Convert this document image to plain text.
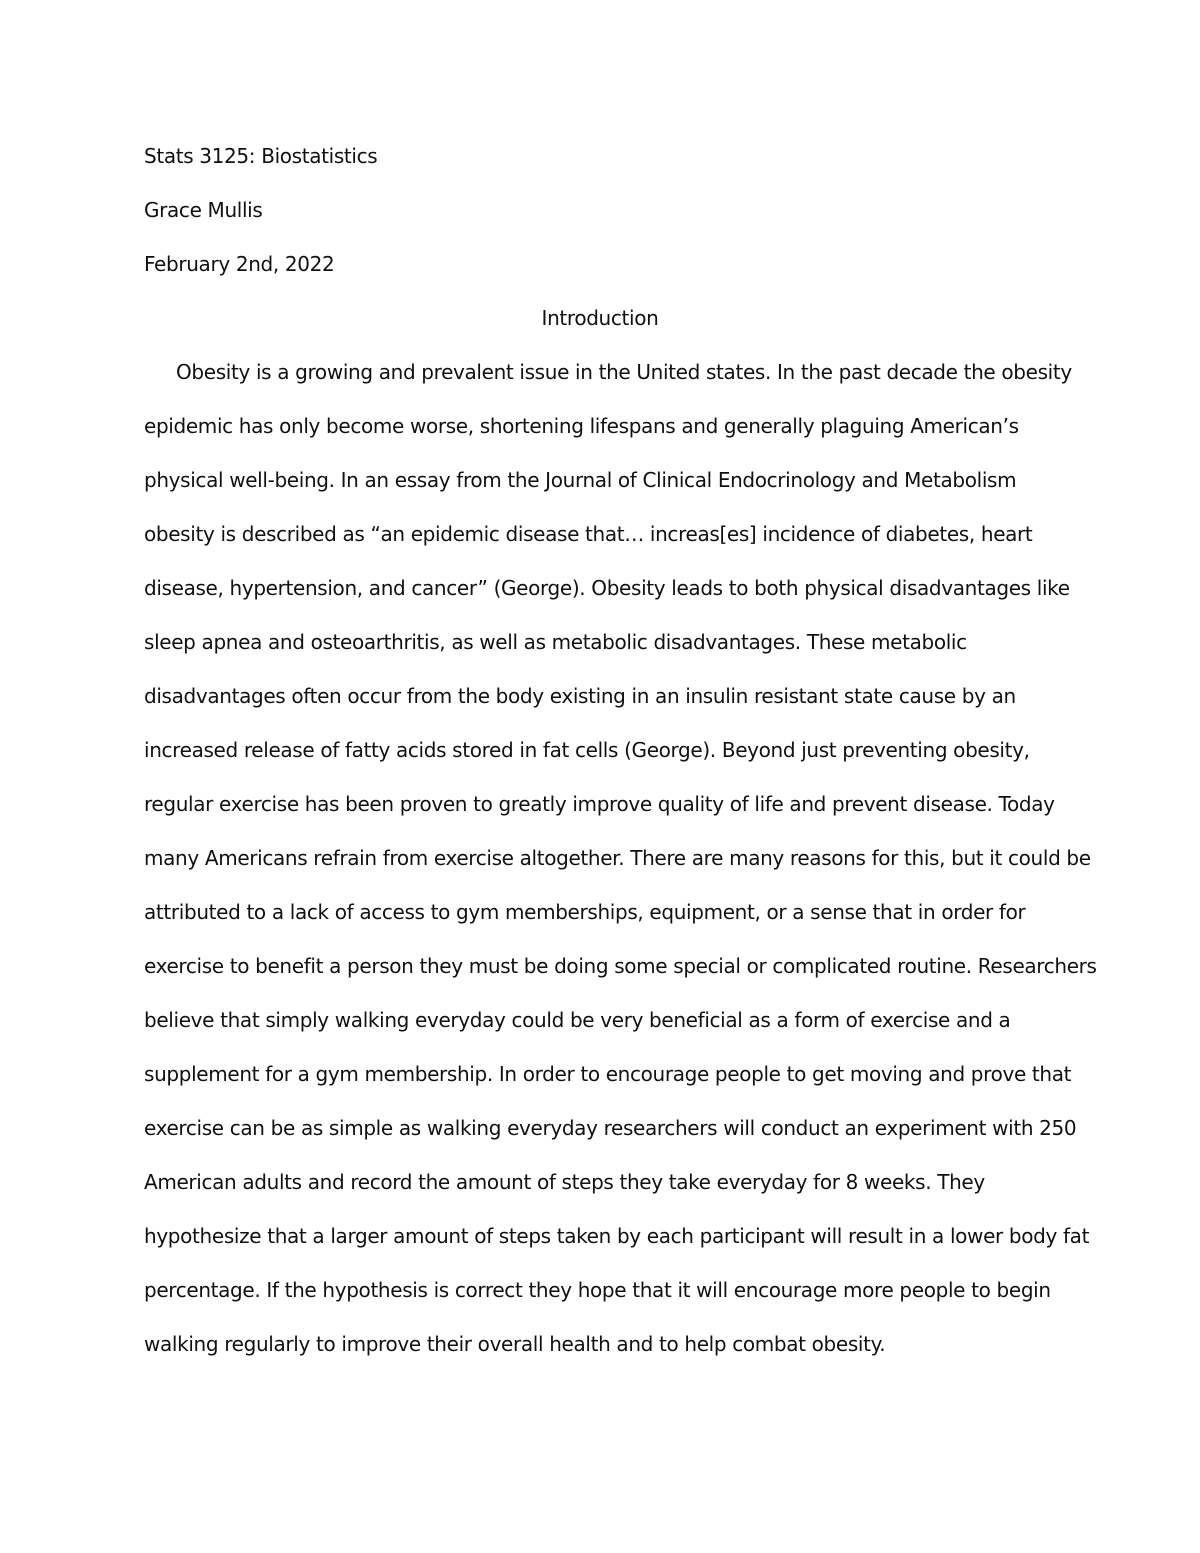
Stats 3125: Biostatistics
Grace Mullis
February 2nd, 2022
Introduction
Obesity is a growing and prevalent issue in the United states. In the past decade the obesity
epidemic has only become worse, shortening lifespans and generally plaguing American’s
physical well-being. In an essay from the Journal of Clinical Endocrinology and Metabolism
obesity is described as “an epidemic disease that… increas[es] incidence of diabetes, heart
disease, hypertension, and cancer” (George). Obesity leads to both physical disadvantages like
sleep apnea and osteoarthritis, as well as metabolic disadvantages. These metabolic
disadvantages often occur from the body existing in an insulin resistant state cause by an
increased release of fatty acids stored in fat cells (George). Beyond just preventing obesity,
regular exercise has been proven to greatly improve quality of life and prevent disease. Today
many Americans refrain from exercise altogether. There are many reasons for this, but it could be
attributed to a lack of access to gym memberships, equipment, or a sense that in order for
exercise to benefit a person they must be doing some special or complicated routine. Researchers
believe that simply walking everyday could be very beneficial as a form of exercise and a
supplement for a gym membership. In order to encourage people to get moving and prove that
exercise can be as simple as walking everyday researchers will conduct an experiment with 250
American adults and record the amount of steps they take everyday for 8 weeks. They
hypothesize that a larger amount of steps taken by each participant will result in a lower body fat
percentage. If the hypothesis is correct they hope that it will encourage more people to begin
walking regularly to improve their overall health and to help combat obesity.
